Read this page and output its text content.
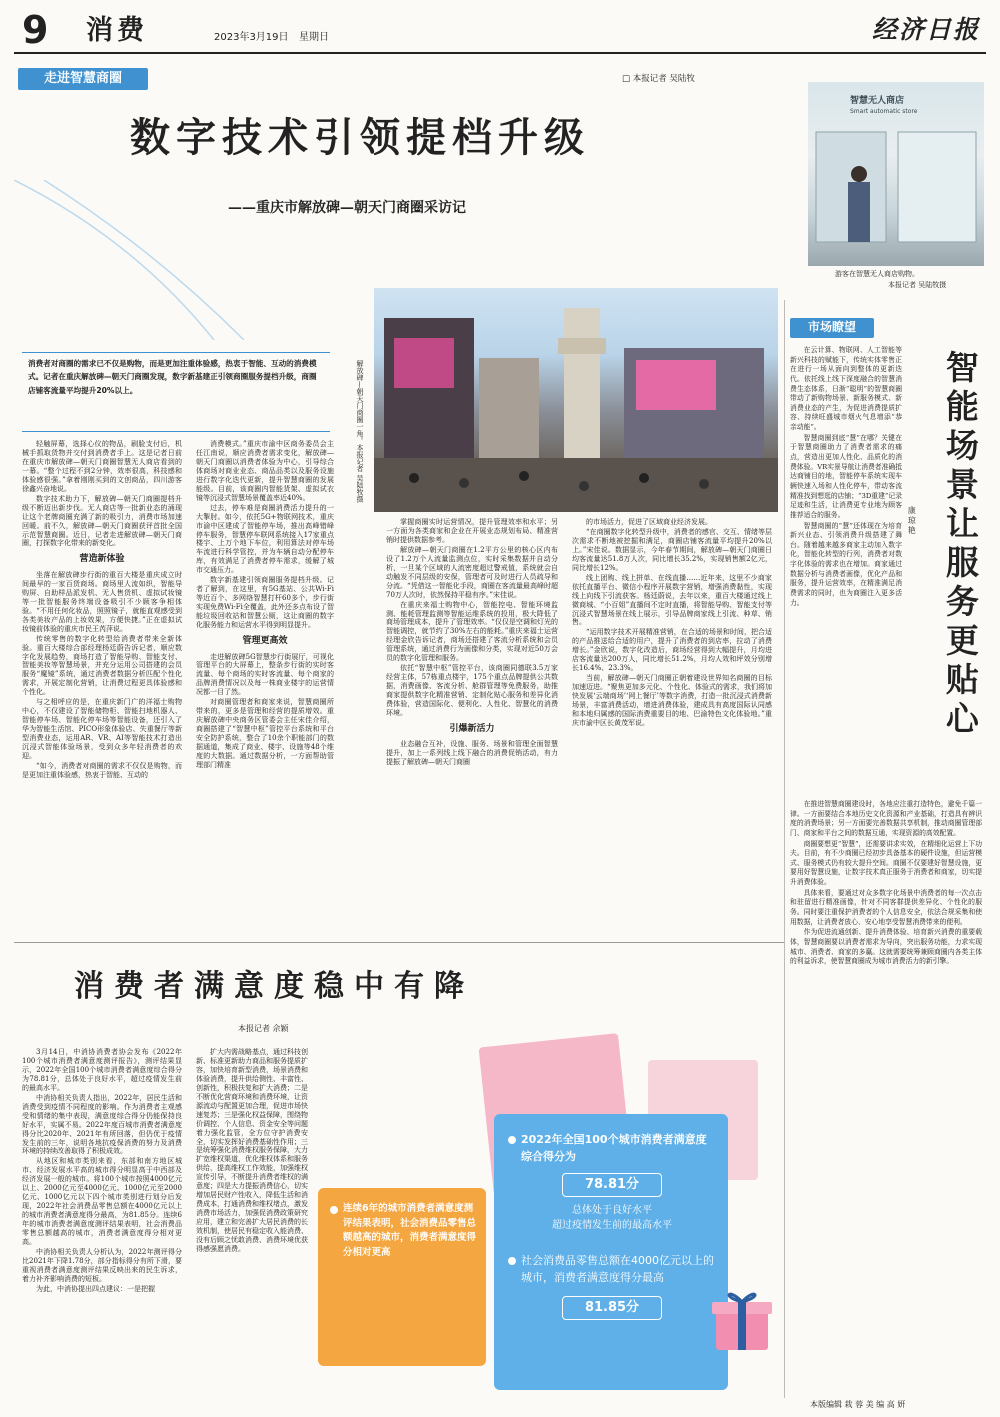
9 消费	2023年3月19日 星期日	经济日报
走进智慧商圈	□ 本报记者 吴陆牧
数字技术引领提档升级
——重庆市解放碑—朝天门商圈采访记
解放碑—朝天门商圈一角。本报记者 吴陆牧摄
消费者对商圈的需求已不仅是购物，而是更加注重体验感，热衷于智能、互动的消费模式。记者在重庆解放碑—朝天门商圈发现，数字新基建正引领商圈服务提档升级，商圈店铺客流量平均提升20%以上。
智慧无人商店
Smart automatic store
游客在智慧无人商店购物。
本报记者 吴陆牧摄

轻触屏幕，选择心仪的物品，刷脸支付后，机械手抓取货物并交付到消费者手上。这是记者日前在重庆市解放碑—朝天门商圈智慧无人商店看到的一幕。“整个过程不到2分钟，效率很高，科技感和体验感很强。”拿着刚刚买到的文创商品，四川游客徐鑫兴奋地说。

数字技术助力下，解放碑—朝天门商圈提档升级不断迈出新步伐。无人商店等一批新业态的涌现让这个老牌商圈充满了新的吸引力，消费市场加速回暖。前不久，解放碑—朝天门商圈获评首批全国示范智慧商圈。近日，记者走进解放碑—朝天门商圈，打探数字化带来的新变化。

营造新体验

坐落在解放碑步行街的重百大楼是重庆成立时间最早的一家百货商场。商场里人流如织，智能导购屏、自助样品派发机、无人售货机、虚拟试妆镜等一批智能服务终端设备吸引不少顾客争相体验。“不用任何化妆品，照照镜子，就能直观感受到各类美妆产品的上妆效果，方便快捷。”正在虚拟试妆镜前体验的重庆市民王芮萍说。

传统零售的数字化转型给消费者带来全新体验。重百大楼综合部经理杨廷蔚告诉记者，顺应数字化发展趋势，商场打造了智能导购、智能支付、智能美妆等智慧场景，并充分运用公司搭建的会员服务“魔镜”系统，通过消费者数据分析匹配个性化需求，开展定制化营销，让消费过程更具体验感和个性化。

与之相呼应的是，在重庆新门广的洋福士购物中心，不仅建设了智能储物柜、智能扫地机器人、智能停车场、智能化停车场等智能设备，还引入了华为智能生活馆、PICO形象体验店、失重餐厅等新型消费业态，运用AR、VR、AI等智能技术打造出沉浸式智能体验场景，受到众多年轻消费者的欢迎。

“如今，消费者对商圈的需求不仅仅是购物，而是更加注重体验感，热衷于智能、互动的

消费模式。”重庆市渝中区商务委员会主任江南说，顺应消费者需求变化，解放碑—朝天门商圈以消费者体验为中心，引导综合体商场对商业业态、商品品类以及服务设施进行数字化迭代更新，提升智慧商圈的发展能级。目前，该商圈内智能货架、虚拟试衣镜等沉浸式智慧场景覆盖率近40%。

过去，停车难是商圈消费活力提升的一大掣肘。如今，依托5G+物联网技术，重庆市渝中区建成了智能停车场，推出高峰错峰停车服务，智慧停车联网系统接入17家重点楼宇、上万个地下车位，利用算法对停车场车流进行科学管控，并为车辆自动分配停车库，有效满足了消费者停车需求，缓解了城市交通压力。

数字新基建引领商圈服务提档升级。记者了解到，在这里，有5G基站、公共Wi-Fi等近百个、多网络智慧打杆60多个，步行街实现免费Wi-Fi全覆盖，此外还多点布设了智能垃圾回收站和智慧公厕，这让商圈的数字化服务能力和运营水平得到明显提升。

管理更高效

走进解放碑5G智慧步行街展厅，可视化管理平台的大屏幕上，整条步行街的实时客流量、每个商场的实时客流量、每个商家的品牌消费情况以及每一株商业楼宇的运营情况都一目了然。

对商圈管理者和商家来说，智慧商圈所带来的，更多是管理和经营的提质增效。重庆解放碑中央商务区管委会主任宋佳介绍，商圈搭建了“智慧中枢”管控平台系统和平台安全防护系统，整合了10余个职能部门的数据通道，集成了商业、楼宇、设施等48个维度的大数据。通过数据分析，一方面帮助管理部门精准

掌握商圈实时运营情况，提升管理效率和水平；另一方面为各类商家和企业在开展业态规划布局、精准营销时提供数据参考。

解放碑—朝天门商圈在1.2平方公里的核心区内布设了1.2万个人流量监测点位，实时采集数据并自动分析，一旦某个区域的人流密度超过警戒值，系统就会自动触发不同层级的安保，管理者可及时进行人员疏导和分流。“凭借这一智能化手段，商圈在客流量最高峰时超70万人次时，依然保持平稳有序。”宋佳说。

在重庆来福士购物中心，智能控电、智能环境监测、能耗管理监测等智能运维系统的投用，极大降低了商场管理成本，提升了管理效率。“仅仅是空调和灯光的智能调控，就节约了30%左右的能耗。”重庆来福士运营经理金欣告诉记者，商场还搭建了客流分析系统和会员管理系统，通过消费行为画像和分类，实现对近50万会员的数字化管理和服务。

依托“智慧中枢”管控平台，该商圈同德联3.5万家经营主体，57栋重点楼宇，175个重点品牌提供公共数据，消费画像、客流分析、舱群管理等免费服务，助推商家提供数字化精准营销、定制化贴心服务和差异化消费体验，营造国际化、便利化、人性化、智慧化的消费环境。

引爆新活力

业态融合互补，设施、服务、场景和管理全面智慧提升，加上一系列线上线下融合的消费促销活动，有力提振了解放碑—朝天门商圈

的市场活力，促进了区域商业经济发展。

“在商圈数字化转型升级中，消费者的感官、交互、情绪等层次需求不断地被挖掘和满足，商圈店铺客流量平均提升20%以上。”宋佳说。数据显示，今年春节期间，解放碑—朝天门商圈日均客流量达51.8万人次，同比增长35.2%，实现销售额2亿元，同比增长12%。

线上团购、线上拼单、在线直播……近年来，这里不少商家依托直播平台、微信小程序开展数字营销，增强消费黏性，实现线上向线下引流获客。杨廷蔚说，去年以来，重百大楼通过线上微商城、“小百姐”直播间不定时直播，将智能导购、智能支付等沉浸式智慧场景在线上展示，引导品牌商家线上引流、种草、销售。

“运用数字技术开展精准营销，在合适的场景和时间，把合适的产品推送给合适的用户，提升了消费者的到店率，拉动了消费增长。”金欣说，数字化改造后，商场经营得到大幅提升，月均进店客流量达200万人，同比增长51.2%，月均人效和坪效分别增长16.4%、23.3%。

当前，解放碑—朝天门商圈正朝着建设世界知名商圈的目标加速迈进。“聚焦更加多元化、个性化、体验式的需求，我们将加快发展‘云端商场’‘网上餐厅’等数字消费，打造一批沉浸式消费新场景，丰富消费活动，增进消费体验，建成具有高度国际认同感和本地归属感的国际消费重要目的地、巴渝特色文化体验地。”重庆市渝中区长黄茂军说。

市场瞭望
智能场景让服务更贴心
康琼艳

在云计算、物联网、人工智能等新兴科技的赋能下，传统实体零售正在进行一场从面向到整体的更新迭代。依托线上线下深度融合的智慧消费生态体系，日渐“聪明”的智慧商圈带动了新购物场景、新服务模式、新消费业态的产生，为促进消费提质扩容、持续旺盛城市烟火气息增添“恭亲动能”。

智慧商圈到底“慧”在哪？关键在于智慧商圈助力了消费者需求的痛点，营造出更加人性化、品质化的消费体验。VR实景导航让消费者准确抵达商铺目的地，智能停车系统实现车辆快速入场和人性化停车，带动客流精准找到想逛的店铺；“3D重建”记录足迹和生活，让消费更专业地为顾客推荐适合的服务。

智慧商圈的“慧”还体现在为培育新兴业态、引领消费升级搭建了舞台。随着越来越多商家主动加入数字化，智能化转型的行列，消费者对数字化体验的需求也在增加。商家通过数据分析与消费者画像，优化产品和服务，提升运营效率，在精准满足消费需求的同时，也为商圈注入更多活力。

在推进智慧商圈建设时，各地应注重打造特色，避免千篇一律。一方面要结合本地历史文化资源和产业基础，打造具有辨识度的消费场景；另一方面要完善数据共享机制，推动商圈管理部门、商家和平台之间的数据互通，实现资源的高效配置。

商圈要想更“智慧”，还需要讲求实效，在精细化运营上下功夫。目前，有不少商圈已经初步具备基本的硬件设施，但运营模式、服务模式仍有较大提升空间。商圈不仅要建好智慧设施，更要用好智慧设施，让数字技术真正服务于消费者和商家，切实提升消费体验。

具体来看，要通过对众多数字化场景中消费者的每一次点击和驻留进行精准画像，针对不同客群提供差异化、个性化的服务。同时要注重保护消费者的个人信息安全，依法合规采集和使用数据，让消费者放心、安心地享受智慧消费带来的便利。

作为促进流通创新、提升消费体验、培育新兴消费的重要载体，智慧商圈要以消费者需求为导向，突出服务功能，力求实现城市、消费者、商家的多赢。这就需要统筹兼顾商圈内各类主体的利益诉求，使智慧商圈成为城市消费活力的新引擎。

消费者满意度稳中有降
本报记者 佘颖

3月14日，中消协消费者协会发布《2022年100个城市消费者满意度测评报告》，测评结果显示，2022年全国100个城市消费者满意度综合得分为78.81分，总体处于良好水平，超过疫情发生前的最高水平。

中消协相关负责人指出，2022年，居民生活和消费受到疫情不同程度的影响。作为消费者主观感受和情绪的集中表现，满意度综合得分仍能保持良好水平，实属不易。2022年度百城市消费者满意度得分比2020年、2021年有所回落，但仍优于疫情发生前的三年，说明各地抗疫保消费的努力及消费环境的持续改善取得了积极成效。

从地区和城市类别来看，东部和南方地区城市、经济发展水平高的城市得分明显高于中西部及经济发展一般的城市。将100个城市按照4000亿元以上、2000亿元至4000亿元、1000亿元至2000亿元、1000亿元以下四个城市类别进行划分后发现，2022年社会消费品零售总额在4000亿元以上的城市消费者满意度得分最高，为81.85分。连续6年的城市消费者满意度测评结果表明，社会消费品零售总额越高的城市，消费者满意度得分相对更高。

中消协相关负责人分析认为，2022年测评得分比2021年下降1.78分，部分指标得分有所下滑，要重视消费者满意度测评结果反映出来的民生诉求，着力补齐影响消费的短板。

为此，中消协提出四点建议：一是把握

扩大内需战略基点，通过科技创新、标准更新助力商品和服务提质扩容，加快培育新型消费，场景消费和体验消费，提升供给侧性、丰富性、创新性，积极扶复和扩大消费；二是不断优化营商环境和消费环境，让资源流动与配置更加合理，促进市场快速复苏；三是强化权益保障，围绕物价调控、个人信息、资金安全等问题着力强化监管，全方位守护消费安全，切实发挥好消费基础性作用；三是统筹强化消费维权服务保障，大力扩宽维权渠道，优化维权体系和服务供给，提高维权工作效能，加强维权宣传引导，不断提升消费者维权的满意度；四是大力提振消费信心，切实增加居民财产性收入，降低生活和消费成本，打通消费和维权堵点，激发消费市场活力，加强促消费政策研究应用，建立和完善扩大居民消费的长效机制，使居民有稳定收入能消费、没有后顾之忧敢消费、消费环境优获得感强愿消费。

连续6年的城市消费者满意度测评结果表明，社会消费品零售总额越高的城市，消费者满意度得分相对更高
2022年全国100个城市消费者满意度综合得分为
78.81分
总体处于良好水平
超过疫情发生前的最高水平
社会消费品零售总额在4000亿元以上的城市，消费者满意度得分最高
81.85分
本版编辑 栽 蓉 美 编 高 妍
